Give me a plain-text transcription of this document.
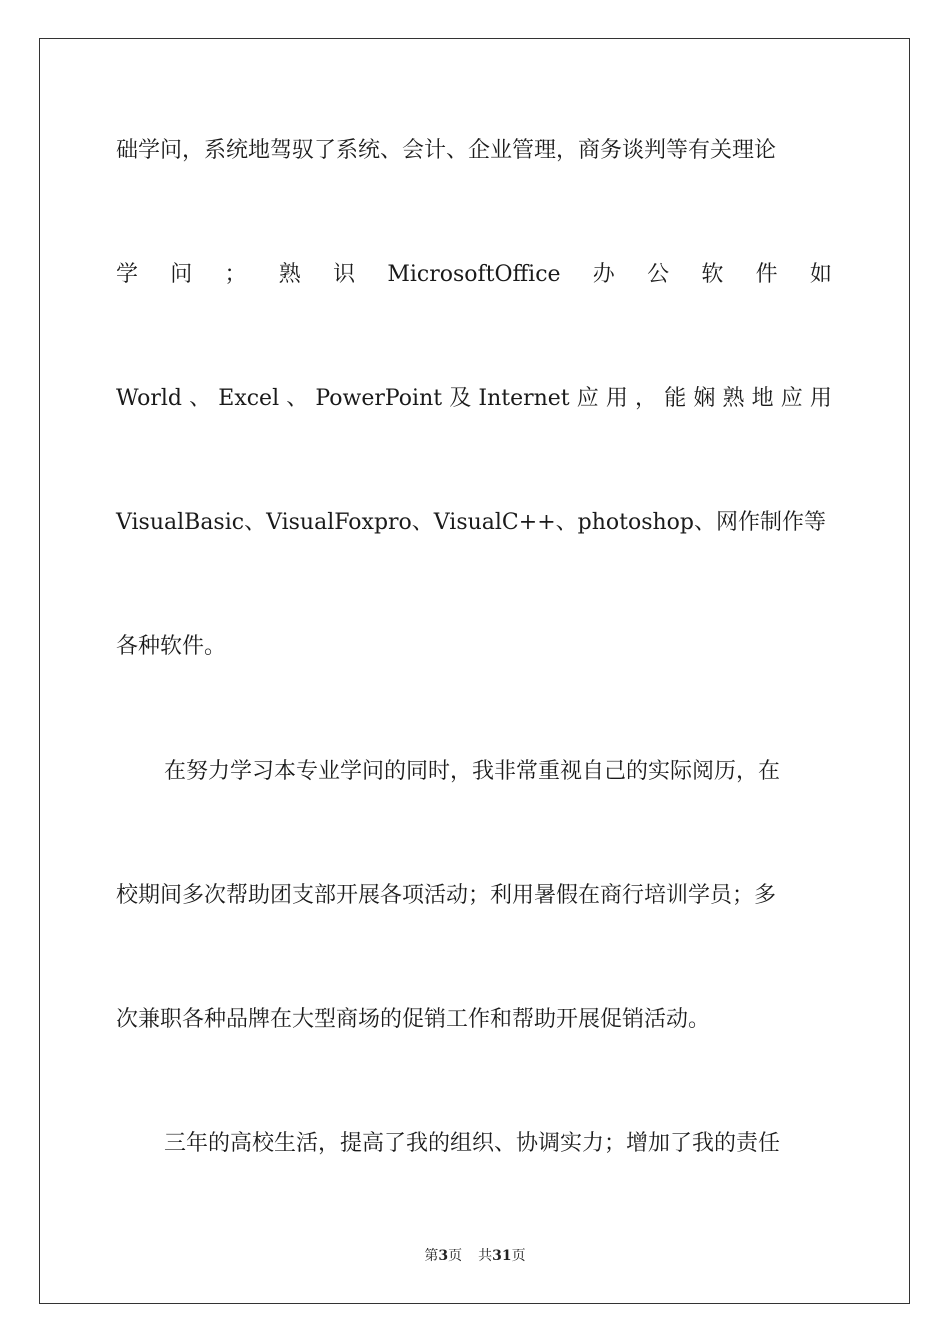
础学问，系统地驾驭了系统、会计、企业管理，商务谈判等有关理论
学 问 ； 熟 识 MicrosoftOffice 办 公 软 件 如
World 、 Excel 、 PowerPoint 及 Internet 应 用 ， 能 娴 熟 地 应 用
VisualBasic、VisualFoxpro、VisualC++、photoshop、网作制作等
各种软件。
在努力学习本专业学问的同时，我非常重视自己的实际阅历，在
校期间多次帮助团支部开展各项活动；利用暑假在商行培训学员；多
次兼职各种品牌在大型商场的促销工作和帮助开展促销活动。
三年的高校生活，提高了我的组织、协调实力；增加了我的责任
第3页 共31页
